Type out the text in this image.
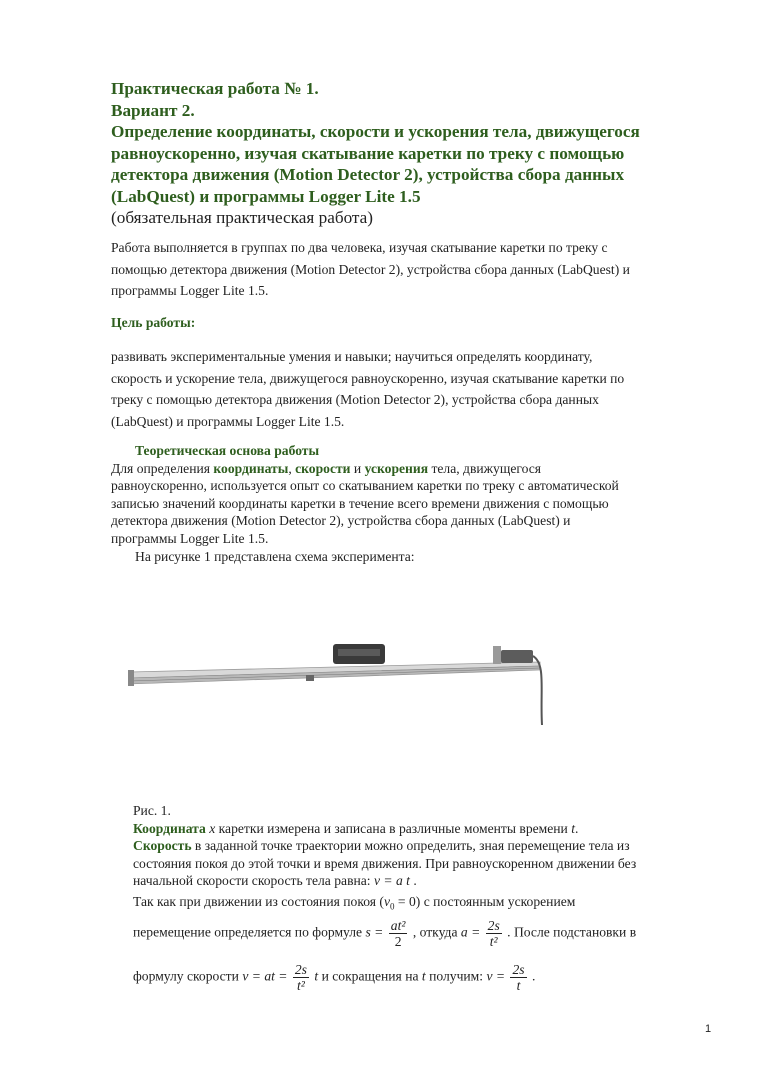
Практическая работа № 1.
Вариант 2.
Определение координаты, скорости и ускорения тела, движущегося
равноускоренно, изучая скатывание каретки по треку с помощью
детектора движения (Motion Detector 2), устройства сбора данных
(LabQuest) и программы Logger Lite 1.5
(обязательная практическая работа)
Работа выполняется в группах по два человека, изучая скатывание каретки по треку с
помощью детектора движения (Motion Detector 2), устройства сбора данных (LabQuest) и
программы Logger Lite 1.5.
Цель работы:
развивать экспериментальные умения и навыки; научиться определять координату,
скорость и ускорение тела, движущегося равноускоренно, изучая скатывание каретки по
треку с помощью детектора движения (Motion Detector 2), устройства сбора данных
(LabQuest) и программы Logger Lite 1.5.
Теоретическая основа работы
Для определения координаты, скорости и ускорения тела, движущегося
равноускоренно, используется опыт со скатыванием каретки по треку с автоматической
записью значений координаты каретки в течение всего времени движения с помощью
детектора движения (Motion Detector 2), устройства сбора данных (LabQuest) и
программы Logger Lite 1.5.
На рисунке 1 представлена схема эксперимента:
Рис. 1.
Координата x каретки измерена и записана в различные моменты времени t.
Скорость в заданной точке траектории можно определить, зная перемещение тела из
состояния покоя до этой точки и время движения. При равноускоренном движении без
начальной скорости скорость тела равна: v = a t .
Так как при движении из состояния покоя $(v_0 = 0)$ с постоянным ускорением
перемещение определяется по формуле $s = \frac{\text{at²}}{2}$ , откуда $a = \frac{2s}{\text{t²}}$ . После подстановки в
формулу скорости v = at = $\frac{2s}{\text{t²}}$ t и сокращения на t получим: $v = \frac{2s}{t}$ .
1
